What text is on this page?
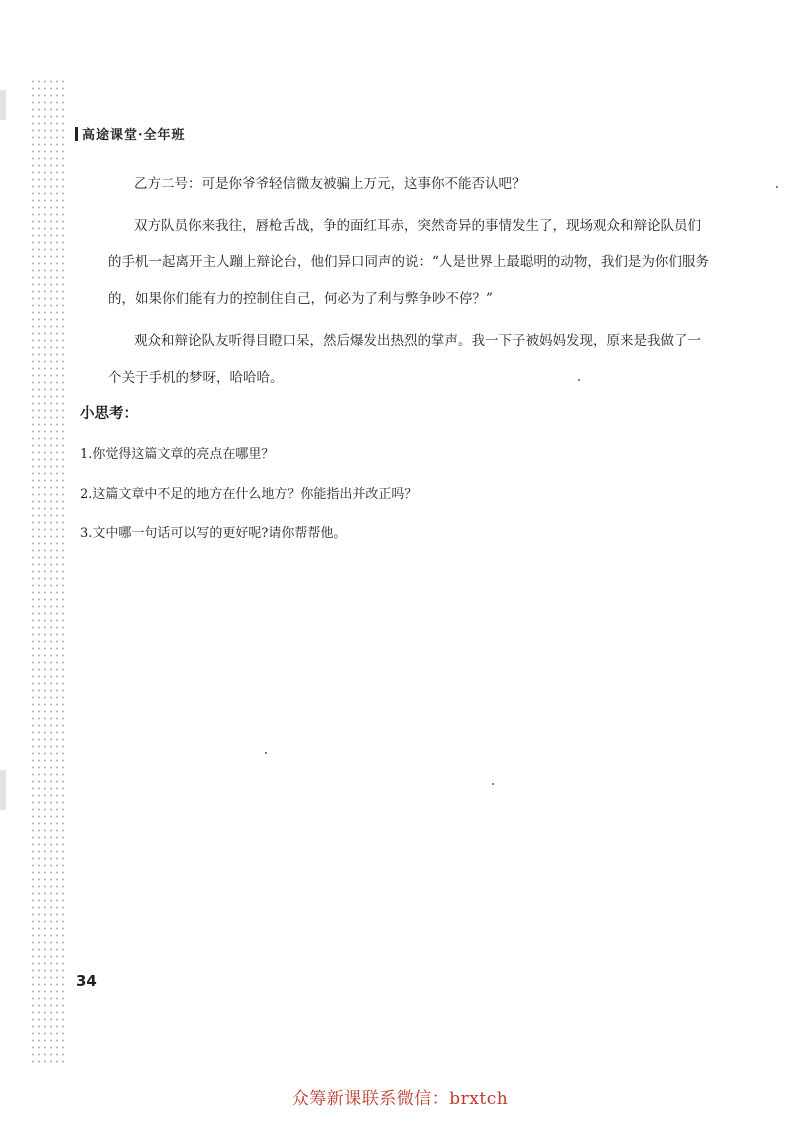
高途课堂·全年班
乙方二号：可是你爷爷轻信微友被骗上万元，这事你不能否认吧？
双方队员你来我往，唇枪舌战，争的面红耳赤，突然奇异的事情发生了，现场观众和辩论队员们
的手机一起离开主人蹦上辩论台，他们异口同声的说：“人是世界上最聪明的动物，我们是为你们服务
的，如果你们能有力的控制住自己，何必为了利与弊争吵不停？”
观众和辩论队友听得目瞪口呆，然后爆发出热烈的掌声。我一下子被妈妈发现，原来是我做了一
个关于手机的梦呀，哈哈哈。
小思考：
1.你觉得这篇文章的亮点在哪里？
2.这篇文章中不足的地方在什么地方？你能指出并改正吗？
3.文中哪一句话可以写的更好呢?请你帮帮他。
34
众筹新课联系微信：brxtch
